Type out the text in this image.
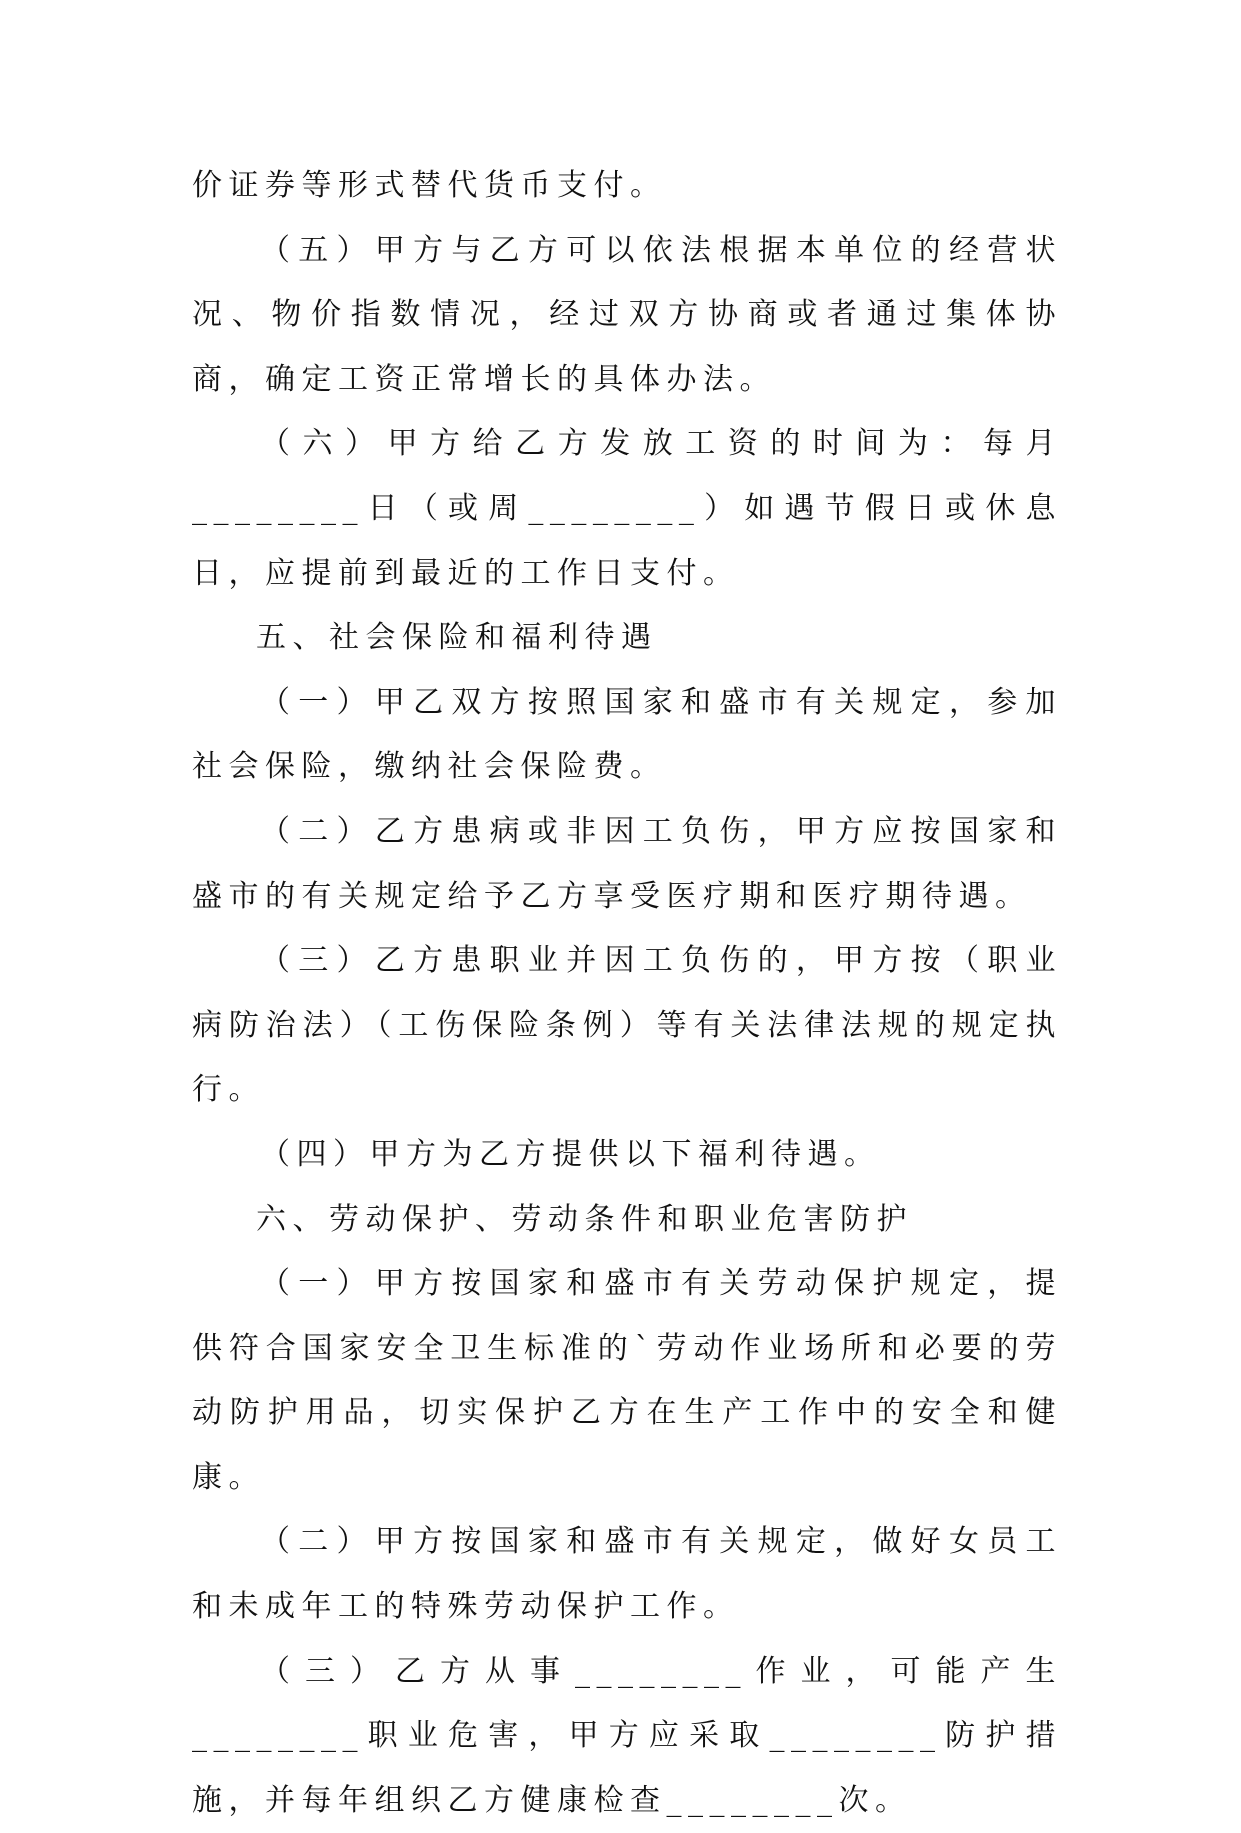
价证券等形式替代货币支付。

（五）甲方与乙方可以依法根据本单位的经营状况、物价指数情况，经过双方协商或者通过集体协商，确定工资正常增长的具体办法。

（六）甲方给乙方发放工资的时间为：每月________日（或周________）如遇节假日或休息日，应提前到最近的工作日支付。

五、社会保险和福利待遇

（一）甲乙双方按照国家和盛市有关规定，参加社会保险，缴纳社会保险费。

（二）乙方患病或非因工负伤，甲方应按国家和盛市的有关规定给予乙方享受医疗期和医疗期待遇。

（三）乙方患职业并因工负伤的，甲方按（职业病防治法）（工伤保险条例）等有关法律法规的规定执行。

（四）甲方为乙方提供以下福利待遇。

六、劳动保护、劳动条件和职业危害防护

（一）甲方按国家和盛市有关劳动保护规定，提供符合国家安全卫生标准的`劳动作业场所和必要的劳动防护用品，切实保护乙方在生产工作中的安全和健康。

（二）甲方按国家和盛市有关规定，做好女员工和未成年工的特殊劳动保护工作。

（三）乙方从事________作业，可能产生________职业危害，甲方应采取________防护措施，并每年组织乙方健康检查________次。
